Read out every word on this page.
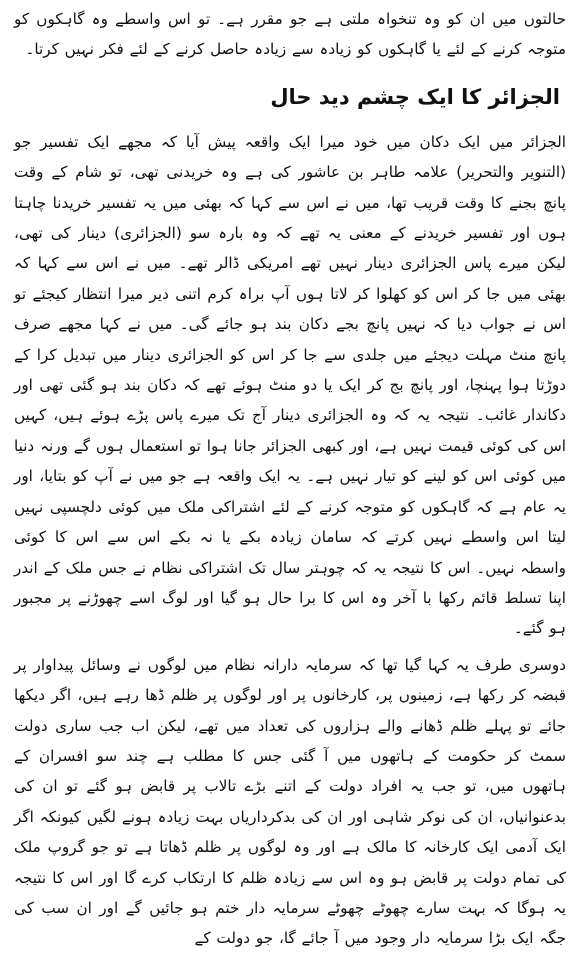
حالتوں میں ان کو وہ تنخواہ ملتی ہے جو مقرر ہے۔ تو اس واسطے وہ گاہکوں کو متوجہ کرنے کے لئے یا گاہکوں کو زیادہ سے زیادہ حاصل کرنے کے لئے فکر نہیں کرتا۔

الجزائر کا ایک چشم دید حال

الجزائر میں ایک دکان میں خود میرا ایک واقعہ پیش آیا کہ مجھے ایک تفسیر جو (التنویر والتحریر) علامہ طاہر بن عاشور کی ہے وہ خریدنی تھی، تو شام کے وقت پانچ بجنے کا وقت قریب تھا، میں نے اس سے کہا کہ بھئی میں یہ تفسیر خریدنا چاہتا ہوں اور تفسیر خریدنے کے معنی یہ تھے کہ وہ بارہ سو (الجزائری) دینار کی تھی، لیکن میرے پاس الجزائری دینار نہیں تھے امریکی ڈالر تھے۔ میں نے اس سے کہا کہ بھئی میں جا کر اس کو کھلوا کر لاتا ہوں آپ براہ کرم اتنی دیر میرا انتظار کیجئے تو اس نے جواب دیا کہ نہیں پانچ بجے دکان بند ہو جائے گی۔ میں نے کہا مجھے صرف پانچ منٹ مہلت دیجئے میں جلدی سے جا کر اس کو الجزائری دینار میں تبدیل کرا کے دوڑتا ہوا پہنچا، اور پانچ بج کر ایک یا دو منٹ ہوئے تھے کہ دکان بند ہو گئی تھی اور دکاندار غائب۔ نتیجہ یہ کہ وہ الجزائری دینار آج تک میرے پاس پڑے ہوئے ہیں، کہیں اس کی کوئی قیمت نہیں ہے، اور کبھی الجزائر جانا ہوا تو استعمال ہوں گے ورنہ دنیا میں کوئی اس کو لینے کو تیار نہیں ہے۔ یہ ایک واقعہ ہے جو میں نے آپ کو بتایا، اور یہ عام ہے کہ گاہکوں کو متوجہ کرنے کے لئے اشتراکی ملک میں کوئی دلچسپی نہیں لیتا اس واسطے نہیں کرتے کہ سامان زیادہ بکے یا نہ بکے اس سے اس کا کوئی واسطہ نہیں۔ اس کا نتیجہ یہ کہ چوہتر سال تک اشتراکی نظام نے جس ملک کے اندر اپنا تسلط قائم رکھا با آخر وہ اس کا برا حال ہو گیا اور لوگ اسے چھوڑنے پر مجبور ہو گئے۔

دوسری طرف یہ کہا گیا تھا کہ سرمایہ دارانہ نظام میں لوگوں نے وسائل پیداوار پر قبضہ کر رکھا ہے، زمینوں پر، کارخانوں پر اور لوگوں پر ظلم ڈھا رہے ہیں، اگر دیکھا جائے تو پہلے ظلم ڈھانے والے ہزاروں کی تعداد میں تھے، لیکن اب جب ساری دولت سمٹ کر حکومت کے ہاتھوں میں آ گئی جس کا مطلب ہے چند سو افسران کے ہاتھوں میں، تو جب یہ افراد دولت کے اتنے بڑے تالاب پر قابض ہو گئے تو ان کی بدعنوانیاں، ان کی نوکر شاہی اور ان کی بدکرداریاں بہت زیادہ ہونے لگیں کیونکہ اگر ایک آدمی ایک کارخانہ کا مالک ہے اور وہ لوگوں پر ظلم ڈھاتا ہے تو جو گروپ ملک کی تمام دولت پر قابض ہو وہ اس سے زیادہ ظلم کا ارتکاب کرے گا اور اس کا نتیجہ یہ ہوگا کہ بہت سارے چھوٹے چھوٹے سرمایہ دار ختم ہو جائیں گے اور ان سب کی جگہ ایک بڑا سرمایہ دار وجود میں آ جائے گا، جو دولت کے
